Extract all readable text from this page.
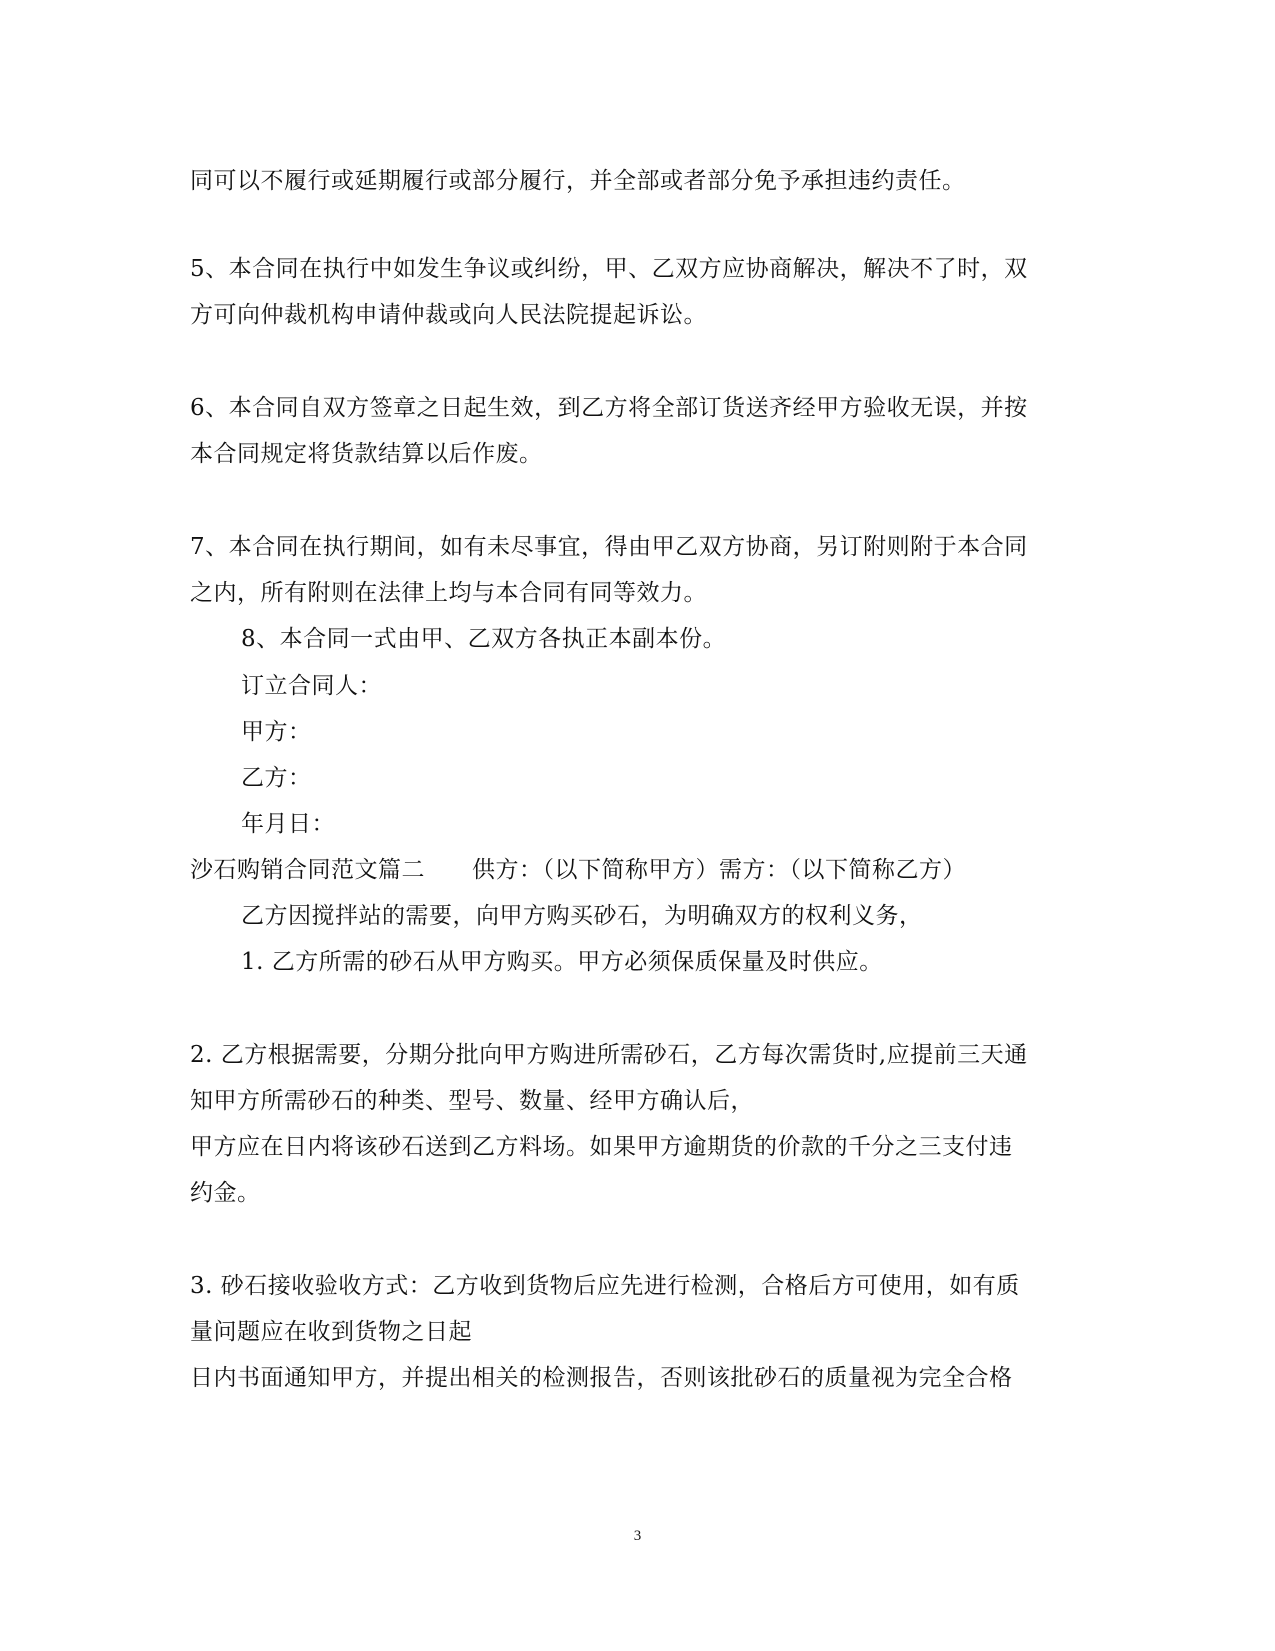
同可以不履行或延期履行或部分履行，并全部或者部分免予承担违约责任。
5、本合同在执行中如发生争议或纠纷，甲、乙双方应协商解决，解决不了时，双
方可向仲裁机构申请仲裁或向人民法院提起诉讼。
6、本合同自双方签章之日起生效，到乙方将全部订货送齐经甲方验收无误，并按
本合同规定将货款结算以后作废。
7、本合同在执行期间，如有未尽事宜，得由甲乙双方协商，另订附则附于本合同
之内，所有附则在法律上均与本合同有同等效力。
8、本合同一式由甲、乙双方各执正本副本份。
订立合同人：
甲方：
乙方：
年月日：
沙石购销合同范文篇二　　供方：（以下简称甲方）需方：（以下简称乙方）
乙方因搅拌站的需要，向甲方购买砂石，为明确双方的权利义务，
1. 乙方所需的砂石从甲方购买。甲方必须保质保量及时供应。
2. 乙方根据需要，分期分批向甲方购进所需砂石，乙方每次需货时,应提前三天通
知甲方所需砂石的种类、型号、数量、经甲方确认后，
甲方应在日内将该砂石送到乙方料场。如果甲方逾期货的价款的千分之三支付违
约金。
3. 砂石接收验收方式：乙方收到货物后应先进行检测，合格后方可使用，如有质
量问题应在收到货物之日起
日内书面通知甲方，并提出相关的检测报告，否则该批砂石的质量视为完全合格
3
